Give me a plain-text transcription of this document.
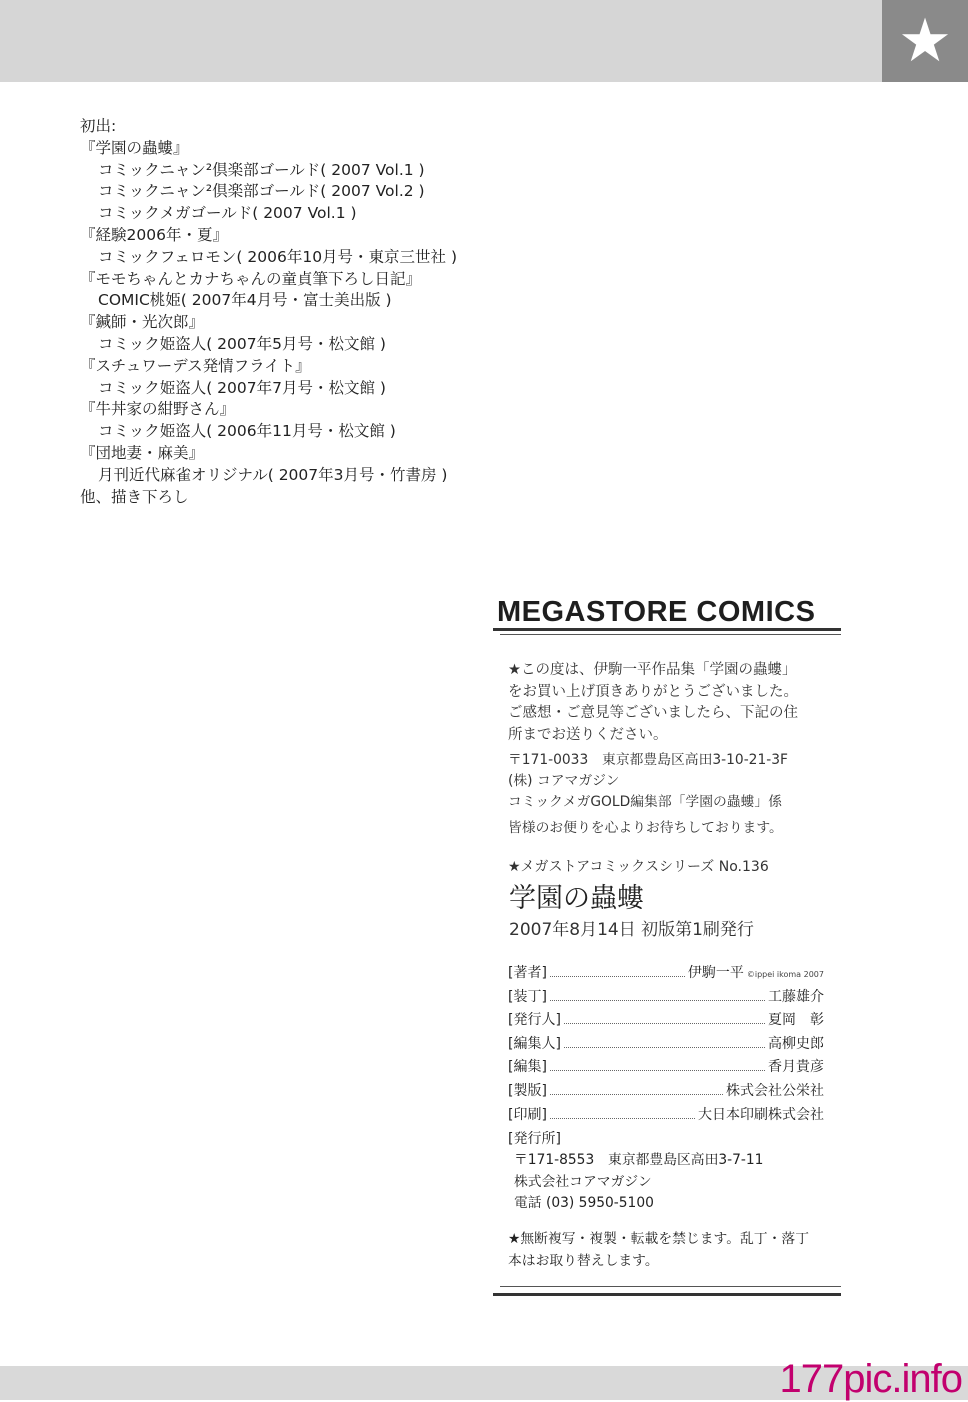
★
初出:
『学園の蟲螻』
コミックニャン²倶楽部ゴールド( 2007 Vol.1 )
コミックニャン²倶楽部ゴールド( 2007 Vol.2 )
コミックメガゴールド( 2007 Vol.1 )
『経験2006年・夏』
コミックフェロモン( 2006年10月号・東京三世社 )
『モモちゃんとカナちゃんの童貞筆下ろし日記』
COMIC桃姫( 2007年4月号・富士美出版 )
『鍼師・光次郎』
コミック姫盗人( 2007年5月号・松文館 )
『スチュワーデス発情フライト』
コミック姫盗人( 2007年7月号・松文館 )
『牛丼家の紺野さん』
コミック姫盗人( 2006年11月号・松文館 )
『団地妻・麻美』
月刊近代麻雀オリジナル( 2007年3月号・竹書房 )
他、描き下ろし
MEGASTORE COMICS
★この度は、伊駒一平作品集「学園の蟲螻」
をお買い上げ頂きありがとうございました。
ご感想・ご意見等ございましたら、下記の住
所までお送りください。
〒171-0033　東京都豊島区高田3-10-21-3F
(株) コアマガジン
コミックメガGOLD編集部「学園の蟲螻」係
皆様のお便りを心よりお待ちしております。
★メガストアコミックスシリーズ No.136
学園の蟲螻
2007年8月14日 初版第1刷発行
[著者]	伊駒一平 ©ippei ikoma 2007
[装丁]	工藤雄介
[発行人]	夏岡　彰
[編集人]	高柳史郎
[編集]	香月貴彦
[製版]	株式会社公栄社
[印刷]	大日本印刷株式会社
[発行所]
〒171-8553　東京都豊島区高田3-7-11
株式会社コアマガジン
電話 (03) 5950-5100
★無断複写・複製・転載を禁じます。乱丁・落丁
本はお取り替えします。
177pic.info
